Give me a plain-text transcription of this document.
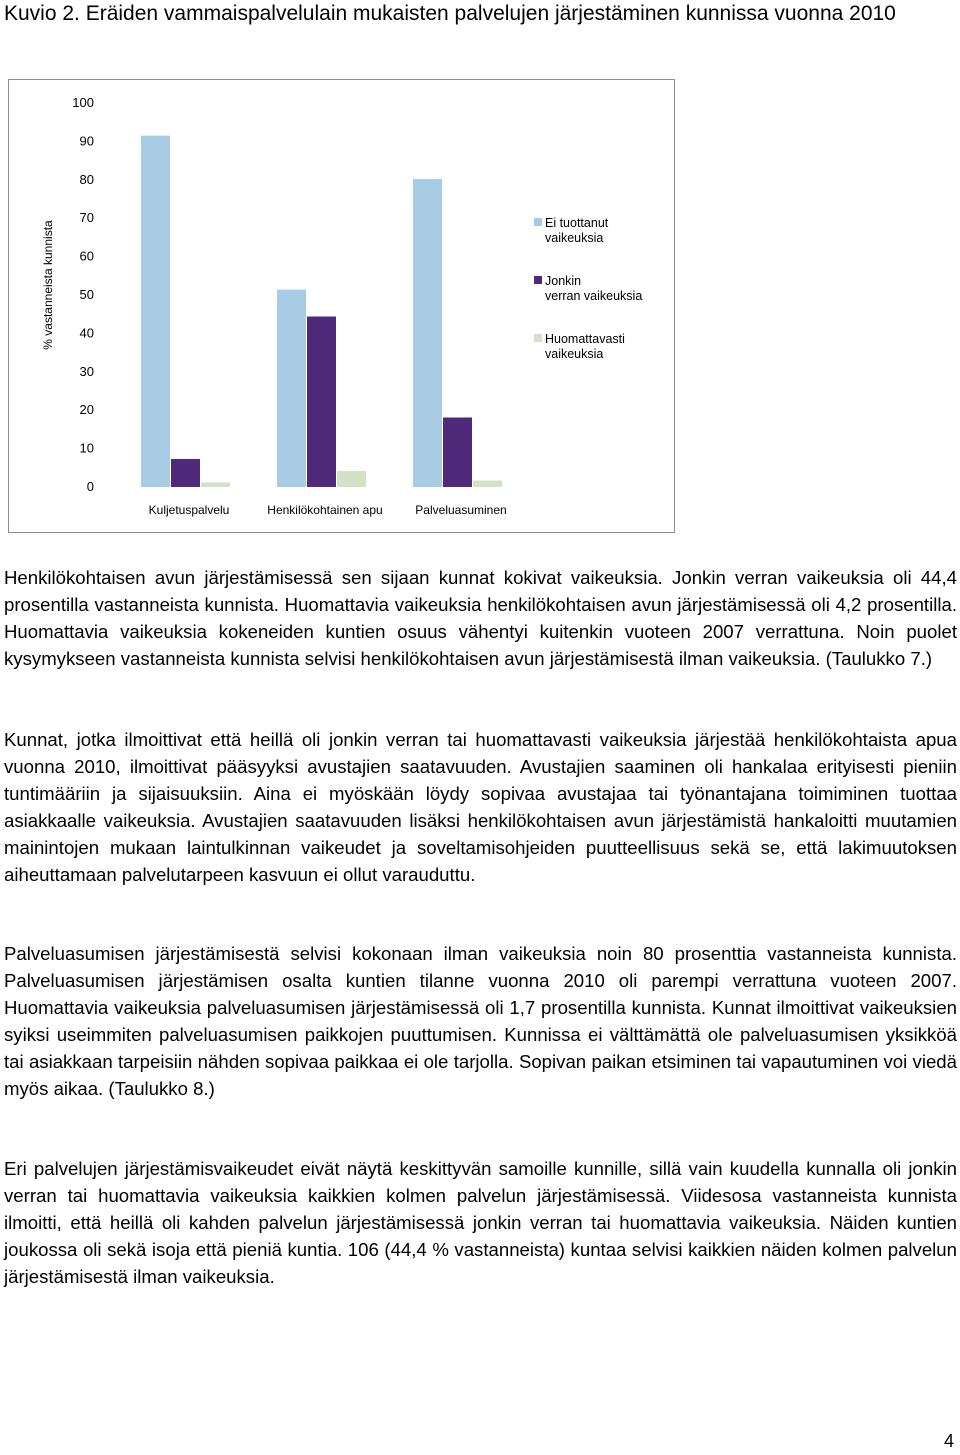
Kuvio 2. Eräiden vammaispalvelulain mukaisten palvelujen järjestäminen kunnissa vuonna 2010
0
10
20
30
40
50
60
70
80
90
100
% vastanneista kunnista
Kuljetuspalvelu	Henkilökohtainen apu	Palveluasuminen
Ei tuottanut vaikeuksia
Jonkin verran vaikeuksia
Huomattavasti vaikeuksia

Henkilökohtaisen avun järjestämisessä sen sijaan kunnat kokivat vaikeuksia. Jonkin verran vaikeuksia oli 44,4 prosentilla vastanneista kunnista. Huomattavia vaikeuksia henkilökohtaisen avun järjestämisessä oli 4,2 prosentilla. Huomattavia vaikeuksia kokeneiden kuntien osuus vähentyi kuitenkin vuoteen 2007 verrattuna. Noin puolet kysymykseen vastanneista kunnista selvisi henkilökohtaisen avun järjestämisestä ilman vaikeuksia. (Taulukko 7.)

Kunnat, jotka ilmoittivat että heillä oli jonkin verran tai huomattavasti vaikeuksia järjestää henkilökohtaista apua vuonna 2010, ilmoittivat pääsyyksi avustajien saatavuuden. Avustajien saaminen oli hankalaa erityisesti pieniin tuntimääriin ja sijaisuuksiin. Aina ei myöskään löydy sopivaa avustajaa tai työnantajana toimiminen tuottaa asiakkaalle vaikeuksia. Avustajien saatavuuden lisäksi henkilökohtaisen avun järjestämistä hankaloitti muutamien mainintojen mukaan laintulkinnan vaikeudet ja soveltamisohjeiden puutteellisuus sekä se, että lakimuutoksen aiheuttamaan palvelutarpeen kasvuun ei ollut varauduttu.

Palveluasumisen järjestämisestä selvisi kokonaan ilman vaikeuksia noin 80 prosenttia vastanneista kunnista. Palveluasumisen järjestämisen osalta kuntien tilanne vuonna 2010 oli parempi verrattuna vuoteen 2007. Huomattavia vaikeuksia palveluasumisen järjestämisessä oli 1,7 prosentilla kunnista. Kunnat ilmoittivat vaikeuksien syiksi useimmiten palveluasumisen paikkojen puuttumisen. Kunnissa ei välttämättä ole palveluasumisen yksikköä tai asiakkaan tarpeisiin nähden sopivaa paikkaa ei ole tarjolla. Sopivan paikan etsiminen tai vapautuminen voi viedä myös aikaa. (Taulukko 8.)

Eri palvelujen järjestämisvaikeudet eivät näytä keskittyvän samoille kunnille, sillä vain kuudella kunnalla oli jonkin verran tai huomattavia vaikeuksia kaikkien kolmen palvelun järjestämisessä. Viidesosa vastanneista kunnista ilmoitti, että heillä oli kahden palvelun järjestämisessä jonkin verran tai huomattavia vaikeuksia. Näiden kuntien joukossa oli sekä isoja että pieniä kuntia. 106 (44,4 % vastanneista) kuntaa selvisi kaikkien näiden kolmen palvelun järjestämisestä ilman vaikeuksia.

4
